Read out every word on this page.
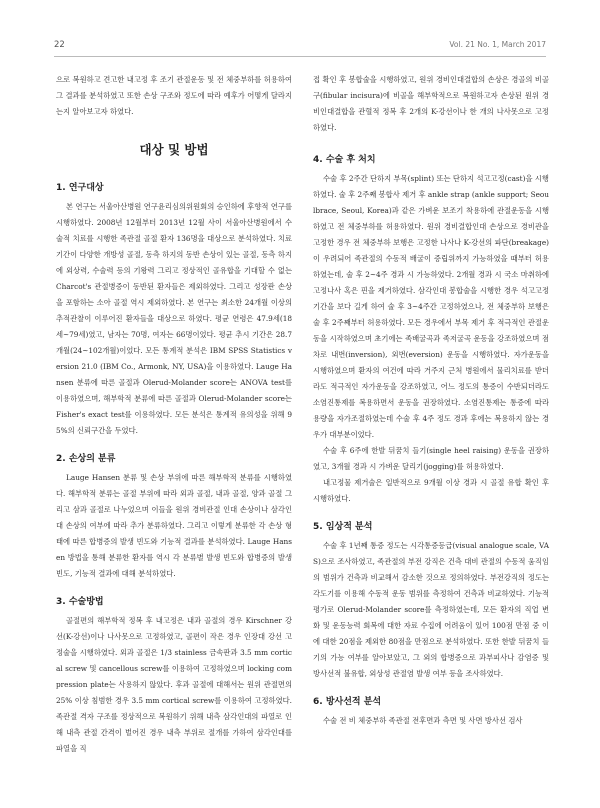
22	Vol. 21 No. 1, March 2017

으로 복원하고 견고한 내고정 후 조기 관절운동 및 전 체중부하를 허용하여 그 결과를 분석하였고 또한 손상 구조와 정도에 따라 예후가 어떻게 달라지는지 알아보고자 하였다.

대상 및 방법
1. 연구대상

본 연구는 서울아산병원 연구윤리심의위원회의 승인하에 후향적 연구를 시행하였다. 2008년 12월부터 2013년 12월 사이 서울아산병원에서 수술적 치료를 시행한 족관절 골절 환자 136명을 대상으로 분석하였다. 치료기간이 다양한 개방성 골절, 동측 하지의 동반 손상이 있는 골절, 동측 하지에 외상력, 수술력 등의 기왕력 그리고 정상적인 골유합을 기대할 수 없는 Charcot's 관절병증이 동반된 환자들은 제외하였다. 그리고 성장판 손상을 포함하는 소아 골절 역시 제외하였다. 본 연구는 최소한 24개월 이상의 추적관찰이 이루어진 환자들을 대상으로 하였다. 평균 연령은 47.9세(18세~79세)였고, 남자는 70명, 여자는 66명이었다. 평균 추시 기간은 28.7개월(24~102개월)이었다. 모든 통계적 분석은 IBM SPSS Statistics version 21.0 (IBM Co., Armonk, NY, USA)을 이용하였다. Lauge Hansen 분류에 따른 골절과 Olerud-Molander score는 ANOVA test를 이용하였으며, 해부학적 분류에 따른 골절과 Olerud-Molander score는 Fisher's exact test를 이용하였다. 모든 분석은 통계적 유의성을 위해 95%의 신뢰구간을 두었다.

2. 손상의 분류

Lauge Hansen 분류 및 손상 부위에 따른 해부학적 분류를 시행하였다. 해부학적 분류는 골절 부위에 따라 외과 골절, 내과 골절, 양과 골절 그리고 삼과 골절로 나누었으며 이들을 원위 경비관절 인대 손상이나 삼각인대 손상의 여부에 따라 추가 분류하였다. 그리고 이렇게 분류한 각 손상 형태에 따른 합병증의 발생 빈도와 기능적 결과를 분석하였다. Lauge Hansen 방법을 통해 분류한 환자를 역시 각 분류별 발생 빈도와 합병증의 발생 빈도, 기능적 결과에 대해 분석하였다.

3. 수술방법

골절편의 해부학적 정복 후 내고정은 내과 골절의 경우 Kirschner 강선(K-강선)이나 나사못으로 고정하였고, 골편이 작은 경우 인장대 강선 고정술을 시행하였다. 외과 골절은 1/3 stainless 금속판과 3.5 mm cortical screw 및 cancellous screw를 이용하여 고정하였으며 locking compression plate는 사용하지 않았다. 후과 골절에 대해서는 원위 관절면의 25% 이상 침범한 경우 3.5 mm cortical screw를 이용하여 고정하였다. 족관절 격자 구조를 정상적으로 복원하기 위해 내측 삼각인대의 파열로 인해 내측 관절 간격이 벌어진 경우 내측 부위로 절개를 가하여 삼각인대를 파열을 직

접 확인 후 봉합술을 시행하였고, 원위 경비인대결합의 손상은 경골의 비골 구(fibular incisura)에 비골을 해부학적으로 복원하고자 손상된 원위 경비인대결합을 관혈적 정복 후 2개의 K-강선이나 한 개의 나사못으로 고정하였다.

4. 수술 후 처치

수술 후 2주간 단하지 부목(splint) 또는 단하지 석고고정(cast)을 시행하였다. 술 후 2주째 봉합사 제거 후 ankle strap (ankle support; Seoulbrace, Seoul, Korea)과 같은 가벼운 보조기 착용하에 관절운동을 시행하였고 전 체중부하를 허용하였다. 원위 경비결합인대 손상으로 경비관을 고정한 경우 전 체중부하 보행은 고정한 나사나 K-강선의 파단(breakage)이 우려되어 족관절의 수동적 배굴이 증립위까지 가능하였을 때부터 허용하였는데, 술 후 2~4주 경과 시 가능하였다. 2개월 경과 시 국소 마취하에 고정나사 혹은 핀을 제거하였다. 삼각인대 봉합술을 시행한 경우 석고고정 기간을 보다 길게 하여 술 후 3~4주간 고정하였으나, 전 체중부하 보행은 술 후 2주째부터 허용하였다. 모든 경우에서 부목 제거 후 적극적인 관절운동을 시작하였으며 초기에는 족배굴곡과 족저굴곡 운동을 강조하였으며 점차로 내번(inversion), 외번(eversion) 운동을 시행하였다. 자가운동을 시행하였으며 환자의 여건에 따라 거주지 근처 병원에서 물리치료를 받더라도 적극적인 자가운동을 강조하였고, 어느 정도의 통증이 수반되더라도 소염진통제를 복용하면서 운동을 권장하였다. 소염진통제는 통증에 따라 용량을 자가조절하였는데 수술 후 4주 정도 경과 후에는 복용하지 않는 경우가 대부분이었다.

수술 후 6주에 한발 뒤꿈치 들기(single heel raising) 운동을 권장하였고, 3개월 경과 시 가벼운 달리기(jogging)를 허용하였다.

내고정물 제거술은 일반적으로 9개월 이상 경과 시 골절 유합 확인 후 시행하였다.

5. 임상적 분석

수술 후 1년째 통증 정도는 시각통증등급(visual analogue scale, VAS)으로 조사하였고, 족관절의 부전 강직은 건측 대비 관절의 수동적 움직임의 범위가 건측과 비교해서 감소한 것으로 정의하였다. 부전강직의 정도는 각도기를 이용해 수동적 운동 범위를 측정하여 건측과 비교하였다. 기능적 평가로 Olerud-Molander score를 측정하였는데, 모든 환자의 직업 변화 및 운동능력 회복에 대한 자료 수집에 어려움이 있어 100점 만점 중 이에 대한 20점을 제외한 80점을 만점으로 분석하였다. 또한 한발 뒤꿈치 들기의 가능 여부를 알아보았고, 그 외의 합병증으로 과부피사나 감염증 및 방사선적 불유합, 외상성 관절염 발생 여부 등을 조사하였다.

6. 방사선적 분석

수술 전 비 체중부하 족관절 전후면과 측면 및 사면 방사선 검사
